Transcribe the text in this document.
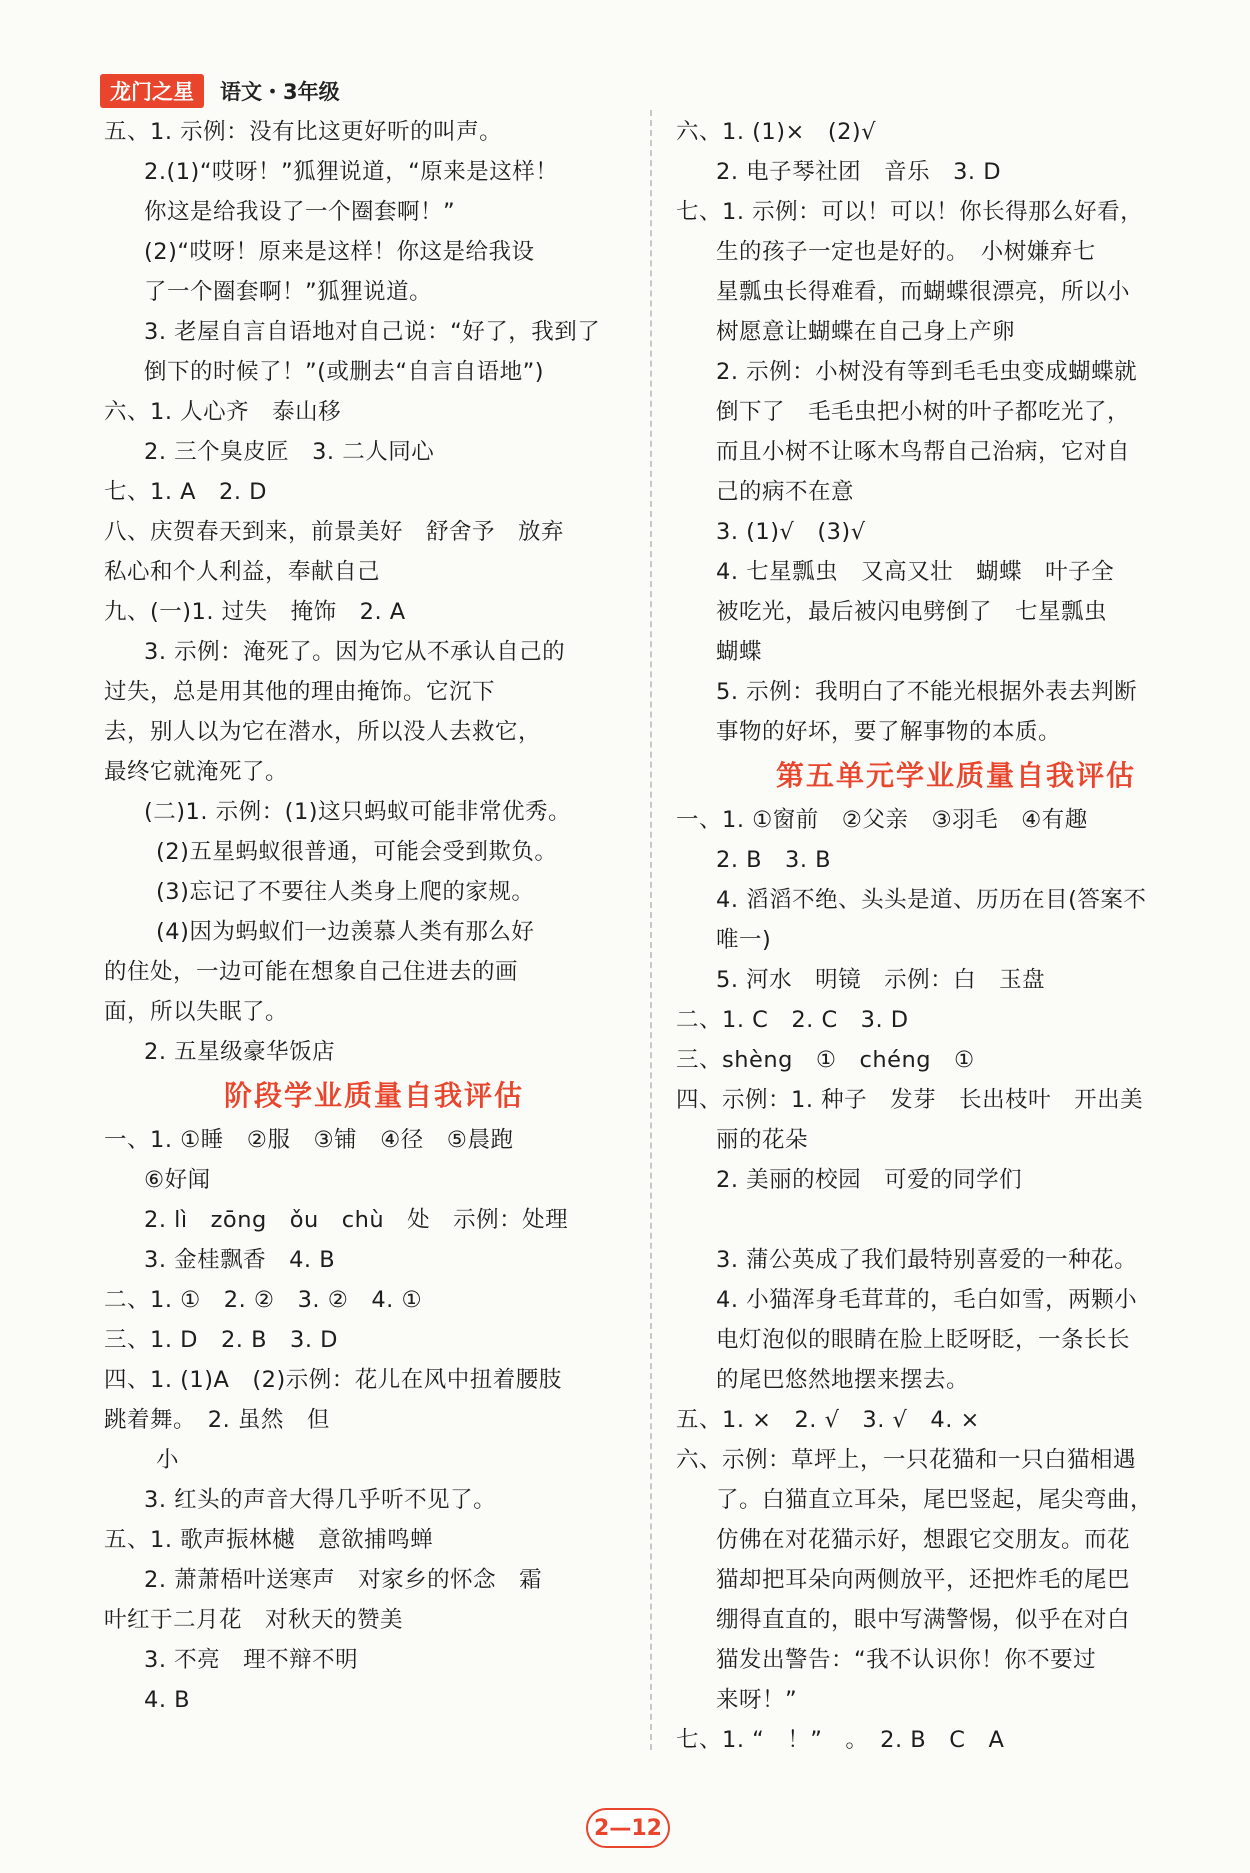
龙门之星	语文・3年级
五、1. 示例：没有比这更好听的叫声。
2.(1)“哎呀！”狐狸说道，“原来是这样！
你这是给我设了一个圈套啊！”
(2)“哎呀！原来是这样！你这是给我设
了一个圈套啊！”狐狸说道。
3. 老屋自言自语地对自己说：“好了，我到了
倒下的时候了！”(或删去“自言自语地”)
六、1. 人心齐　泰山移
2. 三个臭皮匠　3. 二人同心
七、1. A　2. D
八、庆贺春天到来，前景美好　舒舍予　放弃
私心和个人利益，奉献自己
九、(一)1. 过失　掩饰　2. A
3. 示例：淹死了。因为它从不承认自己的
过失，总是用其他的理由掩饰。它沉下
去，别人以为它在潜水，所以没人去救它，
最终它就淹死了。
(二)1. 示例：(1)这只蚂蚁可能非常优秀。
(2)五星蚂蚁很普通，可能会受到欺负。
(3)忘记了不要往人类身上爬的家规。
(4)因为蚂蚁们一边羡慕人类有那么好
的住处，一边可能在想象自己住进去的画
面，所以失眠了。
2. 五星级豪华饭店
阶段学业质量自我评估
一、1. ①睡　②服　③铺　④径　⑤晨跑
⑥好闻
2. lì　zōng　ǒu　chù　处　示例：处理
3. 金桂飘香　4. B
二、1. ①　2. ②　3. ②　4. ①
三、1. D　2. B　3. D
四、1. (1)A　(2)示例：花儿在风中扭着腰肢
跳着舞。　2. 虽然　但
小
3. 红头的声音大得几乎听不见了。
五、1. 歌声振林樾　意欲捕鸣蝉
2. 萧萧梧叶送寒声　对家乡的怀念　霜
叶红于二月花　对秋天的赞美
3. 不亮　理不辩不明
4. B
六、1. (1)×　(2)√
2. 电子琴社团　音乐　3. D
七、1. 示例：可以！可以！你长得那么好看，
生的孩子一定也是好的。　小树嫌弃七
星瓢虫长得难看，而蝴蝶很漂亮，所以小
树愿意让蝴蝶在自己身上产卵
2. 示例：小树没有等到毛毛虫变成蝴蝶就
倒下了　毛毛虫把小树的叶子都吃光了，
而且小树不让啄木鸟帮自己治病，它对自
己的病不在意
3. (1)√　(3)√
4. 七星瓢虫　又高又壮　蝴蝶　叶子全
被吃光，最后被闪电劈倒了　七星瓢虫
蝴蝶
5. 示例：我明白了不能光根据外表去判断
事物的好坏，要了解事物的本质。
第五单元学业质量自我评估
一、1. ①窗前　②父亲　③羽毛　④有趣
2. B　3. B
4. 滔滔不绝、头头是道、历历在目(答案不
唯一)
5. 河水　明镜　示例：白　玉盘
二、1. C　2. C　3. D
三、shèng　①　chéng　①
四、示例：1. 种子　发芽　长出枝叶　开出美
丽的花朵
2. 美丽的校园　可爱的同学们
3. 蒲公英成了我们最特别喜爱的一种花。
4. 小猫浑身毛茸茸的，毛白如雪，两颗小
电灯泡似的眼睛在脸上眨呀眨，一条长长
的尾巴悠然地摆来摆去。
五、1. ×　2. √　3. √　4. ×
六、示例：草坪上，一只花猫和一只白猫相遇
了。白猫直立耳朵，尾巴竖起，尾尖弯曲，
仿佛在对花猫示好，想跟它交朋友。而花
猫却把耳朵向两侧放平，还把炸毛的尾巴
绷得直直的，眼中写满警惕，似乎在对白
猫发出警告：“我不认识你！你不要过
来呀！”
七、1. “　！”　。　2. B　C　A
2—12
